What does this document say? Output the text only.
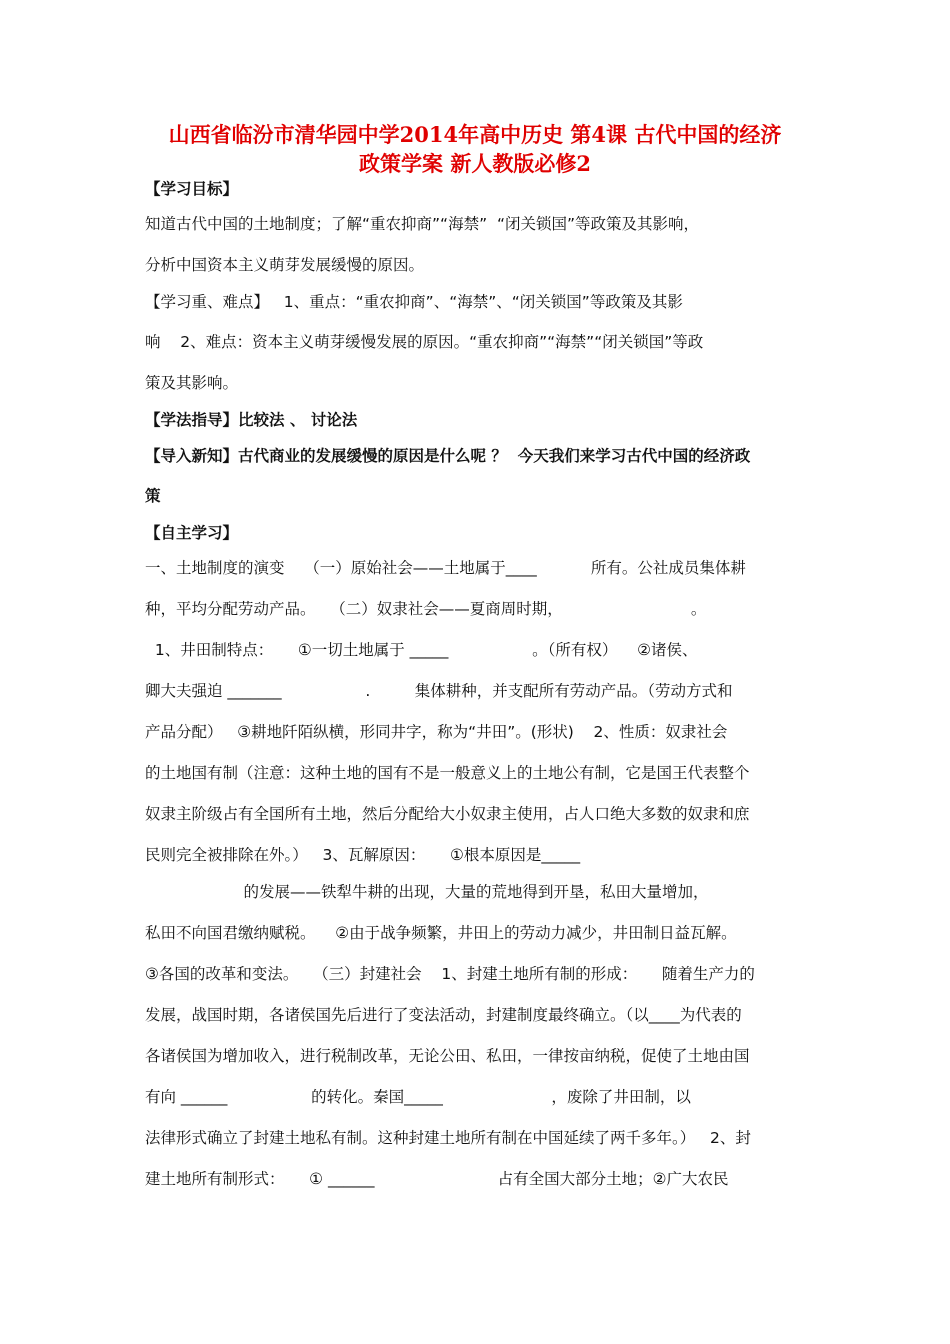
山西省临汾市清华园中学2014年高中历史 第4课 古代中国的经济
政策学案 新人教版必修2
【学习目标】
知道古代中国的土地制度；了解“重农抑商”“海禁”  “闭关锁国”等政策及其影响，
分析中国资本主义萌芽发展缓慢的原因。
【学习重、难点】   1、重点：“重农抑商”、“海禁”、“闭关锁国”等政策及其影
响    2、难点：资本主义萌芽缓慢发展的原因。“重农抑商”“海禁”“闭关锁国”等政
策及其影响。
【学法指导】比较法 、 讨论法
【导入新知】古代商业的发展缓慢的原因是什么呢 ？  今天我们来学习古代中国的经济政
策
【自主学习】
一、土地制度的演变    （一）原始社会——土地属于____           所有。公社成员集体耕
种，平均分配劳动产品。   （二）奴隶社会——夏商周时期，                          。
1、井田制特点：     ①一切土地属于 _____                 。（所有权）    ②诸侯、
卿大夫强迫 _______                 .         集体耕种，并支配所有劳动产品。（劳动方式和
产品分配）   ③耕地阡陌纵横，形同井字，称为“井田”。(形状)    2、性质：奴隶社会
的土地国有制（注意：这种土地的国有不是一般意义上的土地公有制，它是国王代表整个
奴隶主阶级占有全国所有土地，然后分配给大小奴隶主使用，占人口绝大多数的奴隶和庶
民则完全被排除在外。）   3、瓦解原因：     ①根本原因是_____
的发展——铁犁牛耕的出现，大量的荒地得到开垦，私田大量增加，
私田不向国君缴纳赋税。    ②由于战争频繁，井田上的劳动力减少，井田制日益瓦解。
③各国的改革和变法。   （三）封建社会    1、封建土地所有制的形成：     随着生产力的
发展，战国时期，各诸侯国先后进行了变法活动，封建制度最终确立。（以____为代表的
各诸侯国为增加收入，进行税制改革，无论公田、私田，一律按亩纳税，促使了土地由国
有向 ______                 的转化。秦国_____                      ，废除了井田制，以
法律形式确立了封建土地私有制。这种封建土地所有制在中国延续了两千多年。）   2、封
建土地所有制形式：     ① ______                         占有全国大部分土地；②广大农民
